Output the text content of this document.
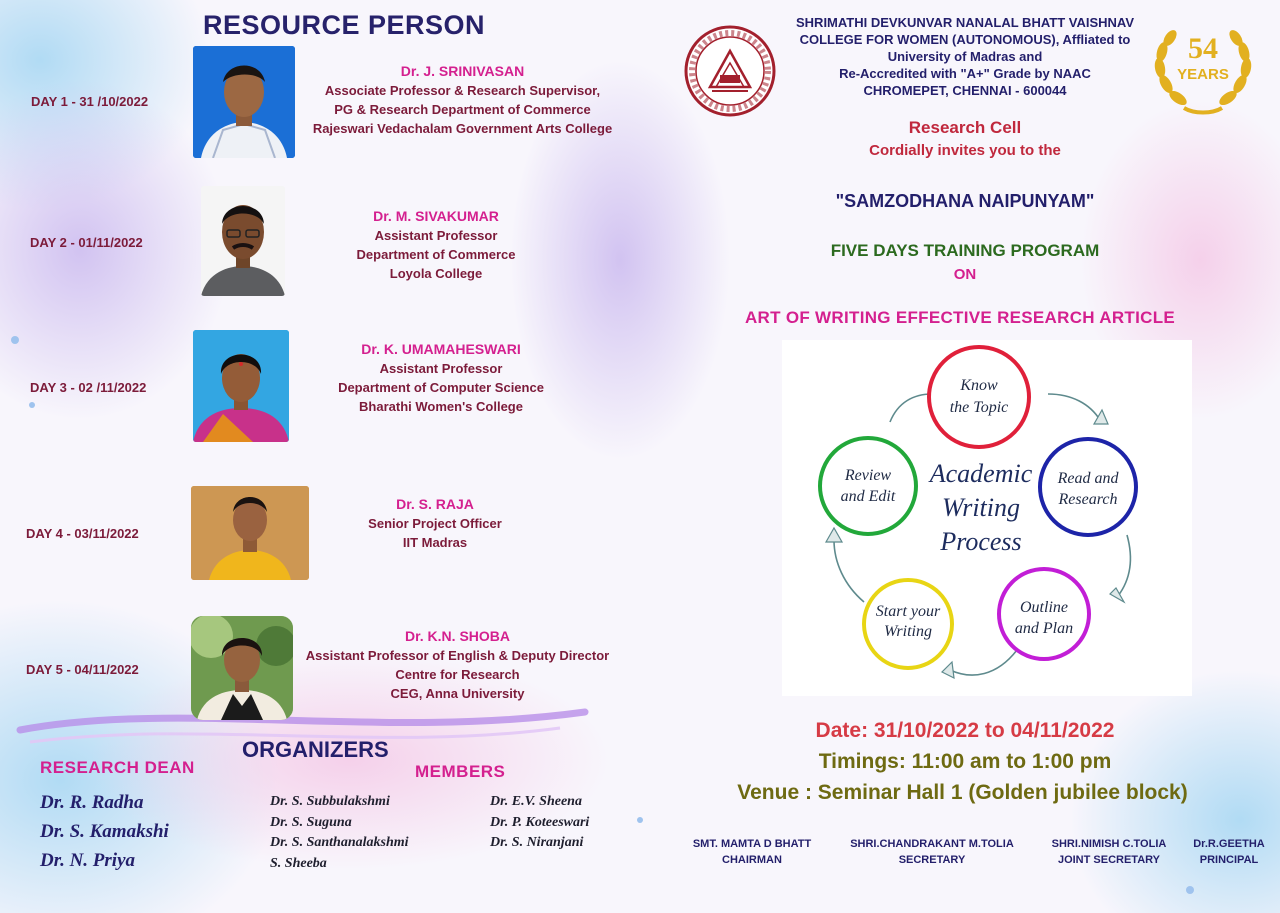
RESOURCE PERSON
DAY 1 - 31 /10/2022
DAY 2 - 01/11/2022
DAY 3 - 02 /11/2022
DAY 4 - 03/11/2022
DAY 5 - 04/11/2022
Dr. J. SRINIVASAN
Associate Professor & Research Supervisor,
PG & Research Department of Commerce
Rajeswari Vedachalam Government Arts College
Dr. M. SIVAKUMAR
Assistant Professor
Department of Commerce
Loyola College
Dr. K. UMAMAHESWARI
Assistant Professor
Department of Computer Science
Bharathi Women's College
Dr. S. RAJA
Senior Project Officer
IIT Madras
Dr. K.N. SHOBA
Assistant Professor of English & Deputy Director
Centre for Research
CEG, Anna University
SHRIMATHI DEVKUNVAR NANALAL BHATT VAISHNAV
COLLEGE FOR WOMEN (AUTONOMOUS), Affliated to
University of Madras and
Re-Accredited with "A+" Grade by NAAC
CHROMEPET, CHENNAI - 600044
54
YEARS
Research Cell
Cordially invites you to the
"SAMZODHANA NAIPUNYAM"
FIVE DAYS TRAINING PROGRAM
ON
ART OF WRITING EFFECTIVE RESEARCH ARTICLE
Know
the Topic
Read and
Research
Outline
and Plan
Start your
Writing
Review
and Edit
Academic
Writing
Process
Date: 31/10/2022 to 04/11/2022
Timings: 11:00 am to 1:00 pm
Venue : Seminar Hall 1 (Golden jubilee block)
SMT. MAMTA D BHATT
CHAIRMAN
SHRI.CHANDRAKANT M.TOLIA
SECRETARY
SHRI.NIMISH C.TOLIA
JOINT SECRETARY
Dr.R.GEETHA
PRINCIPAL
ORGANIZERS
RESEARCH DEAN
Dr. R. Radha
Dr. S. Kamakshi
Dr. N. Priya
MEMBERS
Dr. S. Subbulakshmi
Dr. S. Suguna
Dr. S. Santhanalakshmi
S. Sheeba
Dr. E.V. Sheena
Dr. P. Koteeswari
Dr. S. Niranjani
